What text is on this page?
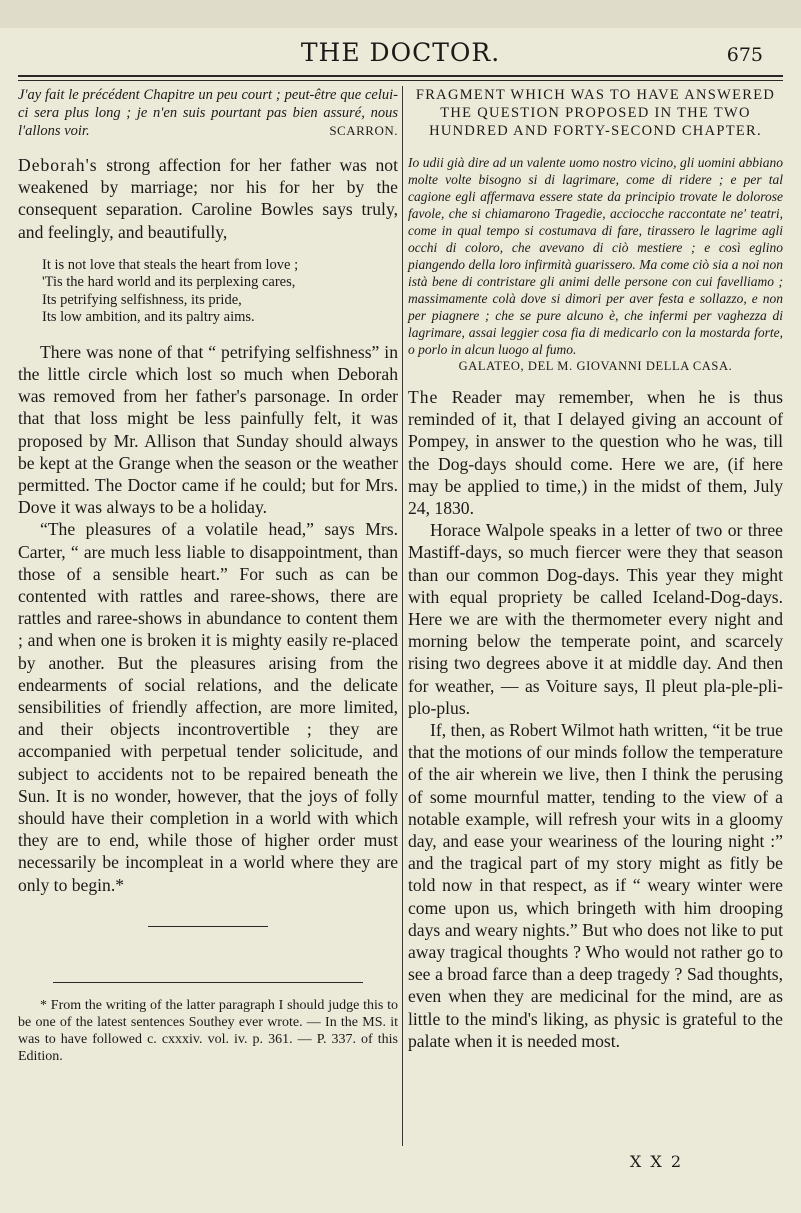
THE DOCTOR.	675

J'ay fait le précédent Chapitre un peu court ; peut-être que celui-ci sera plus long ; je n'en suis pourtant pas bien assuré, nous l'allons voir.	SCARRON.

Deborah's strong affection for her father was not weakened by marriage; nor his for her by the consequent separation. Caroline Bowles says truly, and feelingly, and beautifully,

It is not love that steals the heart from love ;
'Tis the hard world and its perplexing cares,
Its petrifying selfishness, its pride,
Its low ambition, and its paltry aims.

There was none of that “ petrifying selfishness” in the little circle which lost so much when Deborah was removed from her father's parsonage. In order that that loss might be less painfully felt, it was proposed by Mr. Allison that Sunday should always be kept at the Grange when the season or the weather permitted. The Doctor came if he could; but for Mrs. Dove it was always to be a holiday.

“The pleasures of a volatile head,” says Mrs. Carter, “ are much less liable to disappointment, than those of a sensible heart.” For such as can be contented with rattles and raree-shows, there are rattles and raree-shows in abundance to content them ; and when one is broken it is mighty easily re-placed by another. But the pleasures arising from the endearments of social relations, and the delicate sensibilities of friendly affection, are more limited, and their objects incontrovertible ; they are accompanied with perpetual tender solicitude, and subject to accidents not to be repaired beneath the Sun. It is no wonder, however, that the joys of folly should have their completion in a world with which they are to end, while those of higher order must necessarily be incompleat in a world where they are only to begin.*

* From the writing of the latter paragraph I should judge this to be one of the latest sentences Southey ever wrote. — In the MS. it was to have followed c. cxxxiv. vol. iv. p. 361. — P. 337. of this Edition.

FRAGMENT WHICH WAS TO HAVE ANSWERED THE QUESTION PROPOSED IN THE TWO HUNDRED AND FORTY-SECOND CHAPTER.

Io udii già dire ad un valente uomo nostro vicino, gli uomini abbiano molte volte bisogno si di lagrimare, come di ridere ; e per tal cagione egli affermava essere state da principio trovate le dolorose favole, che si chiamarono Tragedie, acciocche raccontate ne' teatri, come in qual tempo si costumava di fare, tirassero le lagrime agli occhi di coloro, che avevano di ciò mestiere ; e così eglino piangendo della loro infirmità guarissero. Ma come ciò sia a noi non istà bene di contristare gli animi delle persone con cui favelliamo ; massimamente colà dove si dimori per aver festa e sollazzo, e non per piagnere ; che se pure alcuno è, che infermi per vaghezza di lagrimare, assai leggier cosa fia di medicarlo con la mostarda forte, o porlo in alcun luogo al fumo.

GALATEO, DEL M. GIOVANNI DELLA CASA.

The Reader may remember, when he is thus reminded of it, that I delayed giving an account of Pompey, in answer to the question who he was, till the Dog-days should come. Here we are, (if here may be applied to time,) in the midst of them, July 24, 1830.

Horace Walpole speaks in a letter of two or three Mastiff-days, so much fiercer were they that season than our common Dog-days. This year they might with equal propriety be called Iceland-Dog-days. Here we are with the thermometer every night and morning below the temperate point, and scarcely rising two degrees above it at middle day. And then for weather, — as Voiture says, Il pleut pla-ple-pli-plo-plus.

If, then, as Robert Wilmot hath written, “it be true that the motions of our minds follow the temperature of the air wherein we live, then I think the perusing of some mournful matter, tending to the view of a notable example, will refresh your wits in a gloomy day, and ease your weariness of the louring night :” and the tragical part of my story might as fitly be told now in that respect, as if “ weary winter were come upon us, which bringeth with him drooping days and weary nights.” But who does not like to put away tragical thoughts ? Who would not rather go to see a broad farce than a deep tragedy ? Sad thoughts, even when they are medicinal for the mind, are as little to the mind's liking, as physic is grateful to the palate when it is needed most.

X X 2
